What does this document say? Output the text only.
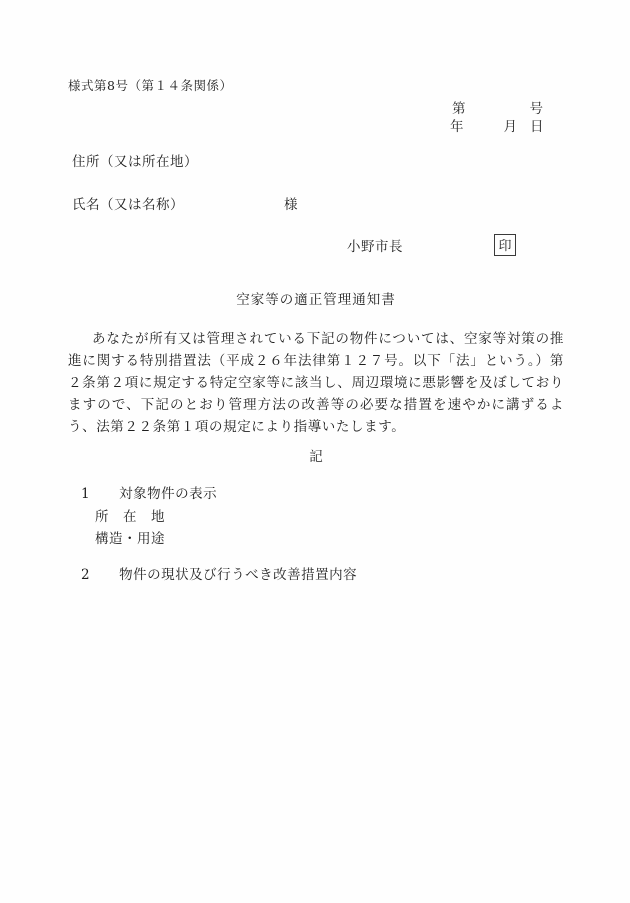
様式第8号（第１４条関係）
第	号
年	月 日
住所（又は所在地）
氏名（又は名称）	様
小野市長	印
空家等の適正管理通知書
あなたが所有又は管理されている下記の物件については、空家等対策の推進に関する特別措置法（平成２６年法律第１２７号。以下「法」という。）第２条第２項に規定する特定空家等に該当し、周辺環境に悪影響を及ぼしておりますので、下記のとおり管理方法の改善等の必要な措置を速やかに講ずるよう、法第２２条第１項の規定により指導いたします。
記
1 対象物件の表示
所　在　地
構造・用途
2 物件の現状及び行うべき改善措置内容
